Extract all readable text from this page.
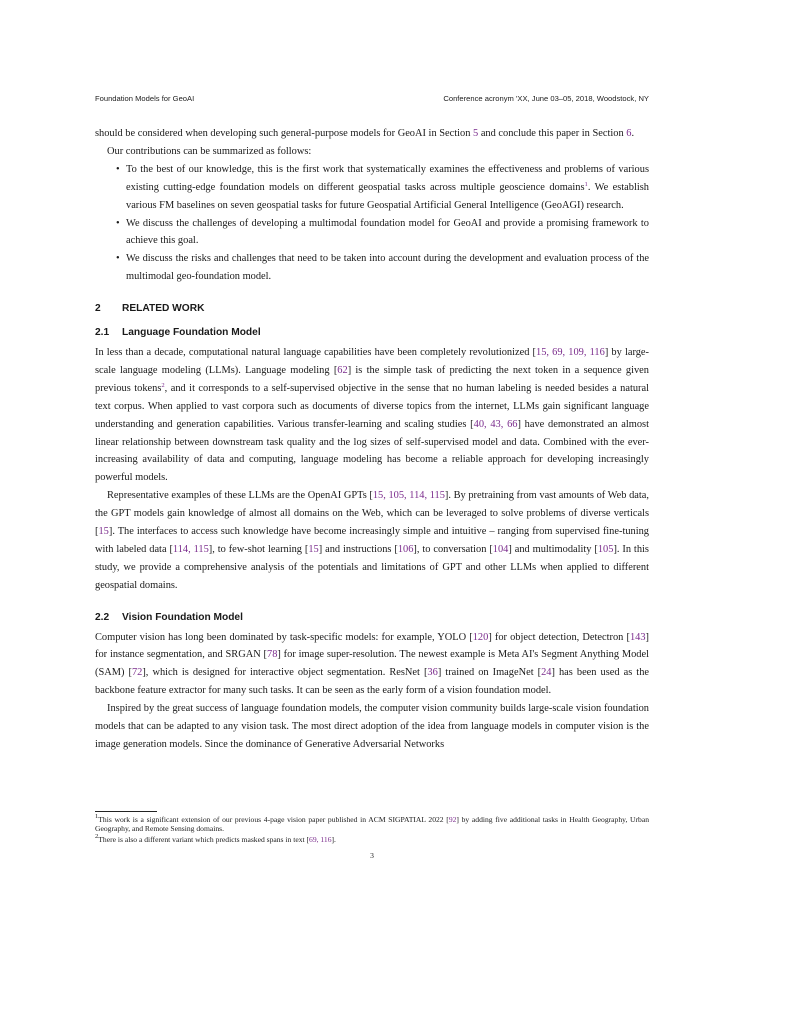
Foundation Models for GeoAI	Conference acronym 'XX, June 03–05, 2018, Woodstock, NY

should be considered when developing such general-purpose models for GeoAI in Section 5 and conclude this paper in Section 6.

Our contributions can be summarized as follows:

• To the best of our knowledge, this is the first work that systematically examines the effectiveness and problems of various existing cutting-edge foundation models on different geospatial tasks across multiple geoscience domains$^1$. We establish various FM baselines on seven geospatial tasks for future Geospatial Artificial General Intelligence (GeoAGI) research.
• We discuss the challenges of developing a multimodal foundation model for GeoAI and provide a promising framework to achieve this goal.
• We discuss the risks and challenges that need to be taken into account during the development and evaluation process of the multimodal geo-foundation model.
2 RELATED WORK
2.1 Language Foundation Model

In less than a decade, computational natural language capabilities have been completely revolutionized [15, 69, 109, 116] by large-scale language modeling (LLMs). Language modeling [62] is the simple task of predicting the next token in a sequence given previous tokens$^2$, and it corresponds to a self-supervised objective in the sense that no human labeling is needed besides a natural text corpus. When applied to vast corpora such as documents of diverse topics from the internet, LLMs gain significant language understanding and generation capabilities. Various transfer-learning and scaling studies [40, 43, 66] have demonstrated an almost linear relationship between downstream task quality and the log sizes of self-supervised model and data. Combined with the ever-increasing availability of data and computing, language modeling has become a reliable approach for developing increasingly powerful models.

Representative examples of these LLMs are the OpenAI GPTs [15, 105, 114, 115]. By pretraining from vast amounts of Web data, the GPT models gain knowledge of almost all domains on the Web, which can be leveraged to solve problems of diverse verticals [15]. The interfaces to access such knowledge have become increasingly simple and intuitive – ranging from supervised fine-tuning with labeled data [114, 115], to few-shot learning [15] and instructions [106], to conversation [104] and multimodality [105]. In this study, we provide a comprehensive analysis of the potentials and limitations of GPT and other LLMs when applied to different geospatial domains.

2.2 Vision Foundation Model

Computer vision has long been dominated by task-specific models: for example, YOLO [120] for object detection, Detectron [143] for instance segmentation, and SRGAN [78] for image super-resolution. The newest example is Meta AI's Segment Anything Model (SAM) [72], which is designed for interactive object segmentation. ResNet [36] trained on ImageNet [24] has been used as the backbone feature extractor for many such tasks. It can be seen as the early form of a vision foundation model.

Inspired by the great success of language foundation models, the computer vision community builds large-scale vision foundation models that can be adapted to any vision task. The most direct adoption of the idea from language models in computer vision is the image generation models. Since the dominance of Generative Adversarial Networks

$^1$This work is a significant extension of our previous 4-page vision paper published in ACM SIGPATIAL 2022 [92] by adding five additional tasks in Health Geography, Urban Geography, and Remote Sensing domains.
$^2$There is also a different variant which predicts masked spans in text [69, 116].
3
